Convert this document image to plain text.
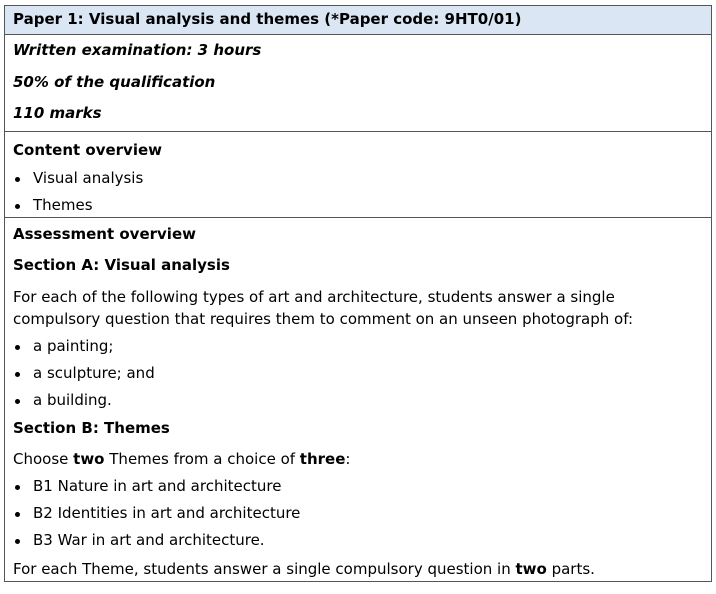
Paper 1: Visual analysis and themes (*Paper code: 9HT0/01)

Written examination: 3 hours
50% of the qualification
110 marks

Content overview
Visual analysis
Themes

Assessment overview
Section A: Visual analysis
For each of the following types of art and architecture, students answer a single
compulsory question that requires them to comment on an unseen photograph of:
a painting;
a sculpture; and
a building.
Section B: Themes
Choose two Themes from a choice of three:
B1 Nature in art and architecture
B2 Identities in art and architecture
B3 War in art and architecture.
For each Theme, students answer a single compulsory question in two parts.
